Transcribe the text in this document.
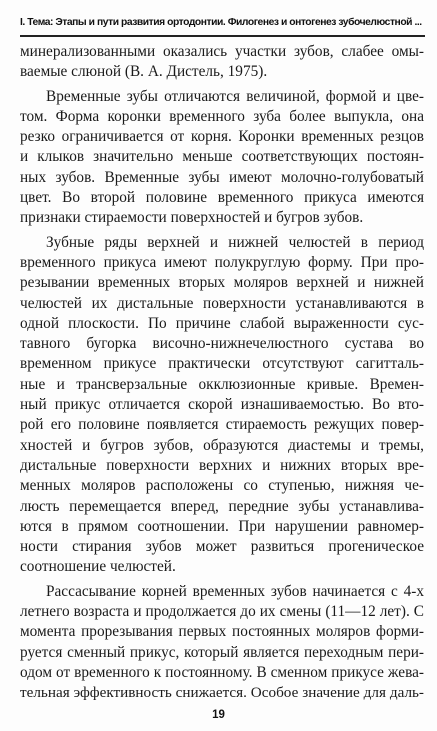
I. Тема: Этапы и пути развития ортодонтии. Филогенез и онтогенез зубочелюстной ...
минерализованными оказались участки зубов, слабее омы-
ваемые слюной (В. А. Дистель, 1975).
Временные зубы отличаются величиной, формой и цве-
том. Форма коронки временного зуба более выпукла, она
резко ограничивается от корня. Коронки временных резцов
и клыков значительно меньше соответствующих постоян-
ных зубов. Временные зубы имеют молочно-голубоватый
цвет. Во второй половине временного прикуса имеются
признаки стираемости поверхностей и бугров зубов.
Зубные ряды верхней и нижней челюстей в период
временного прикуса имеют полукруглую форму. При про-
резывании временных вторых моляров верхней и нижней
челюстей их дистальные поверхности устанавливаются в
одной плоскости. По причине слабой выраженности сус-
тавного бугорка височно-нижнечелюстного сустава во
временном прикусе практически отсутствуют сагитталь-
ные и трансверзальные окклюзионные кривые. Времен-
ный прикус отличается скорой изнашиваемостью. Во вто-
рой его половине появляется стираемость режущих повер-
хностей и бугров зубов, образуются диастемы и тремы,
дистальные поверхности верхних и нижних вторых вре-
менных моляров расположены со ступенью, нижняя че-
люсть перемещается вперед, передние зубы устанавлива-
ются в прямом соотношении. При нарушении равномер-
ности стирания зубов может развиться прогеническое
соотношение челюстей.
Рассасывание корней временных зубов начинается с 4-х
летнего возраста и продолжается до их смены (11—12 лет). С
момента прорезывания первых постоянных моляров форми-
руется сменный прикус, который является переходным пери-
одом от временного к постоянному. В сменном прикусе жева-
тельная эффективность снижается. Особое значение для даль-
19
